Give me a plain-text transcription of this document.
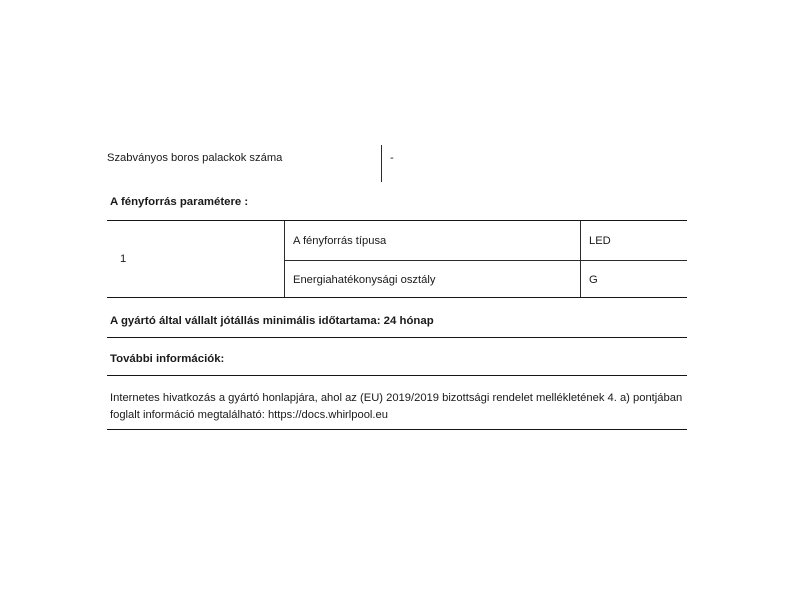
Szabványos boros palackok száma	-
A fényforrás paramétere :
1
A fényforrás típusa	LED
Energiahatékonysági osztály	G
A gyártó által vállalt jótállás minimális időtartama: 24 hónap
További információk:
Internetes hivatkozás a gyártó honlapjára, ahol az (EU) 2019/2019 bizottsági rendelet mellékletének 4. a) pontjában foglalt információ megtalálható: https://docs.whirlpool.eu
